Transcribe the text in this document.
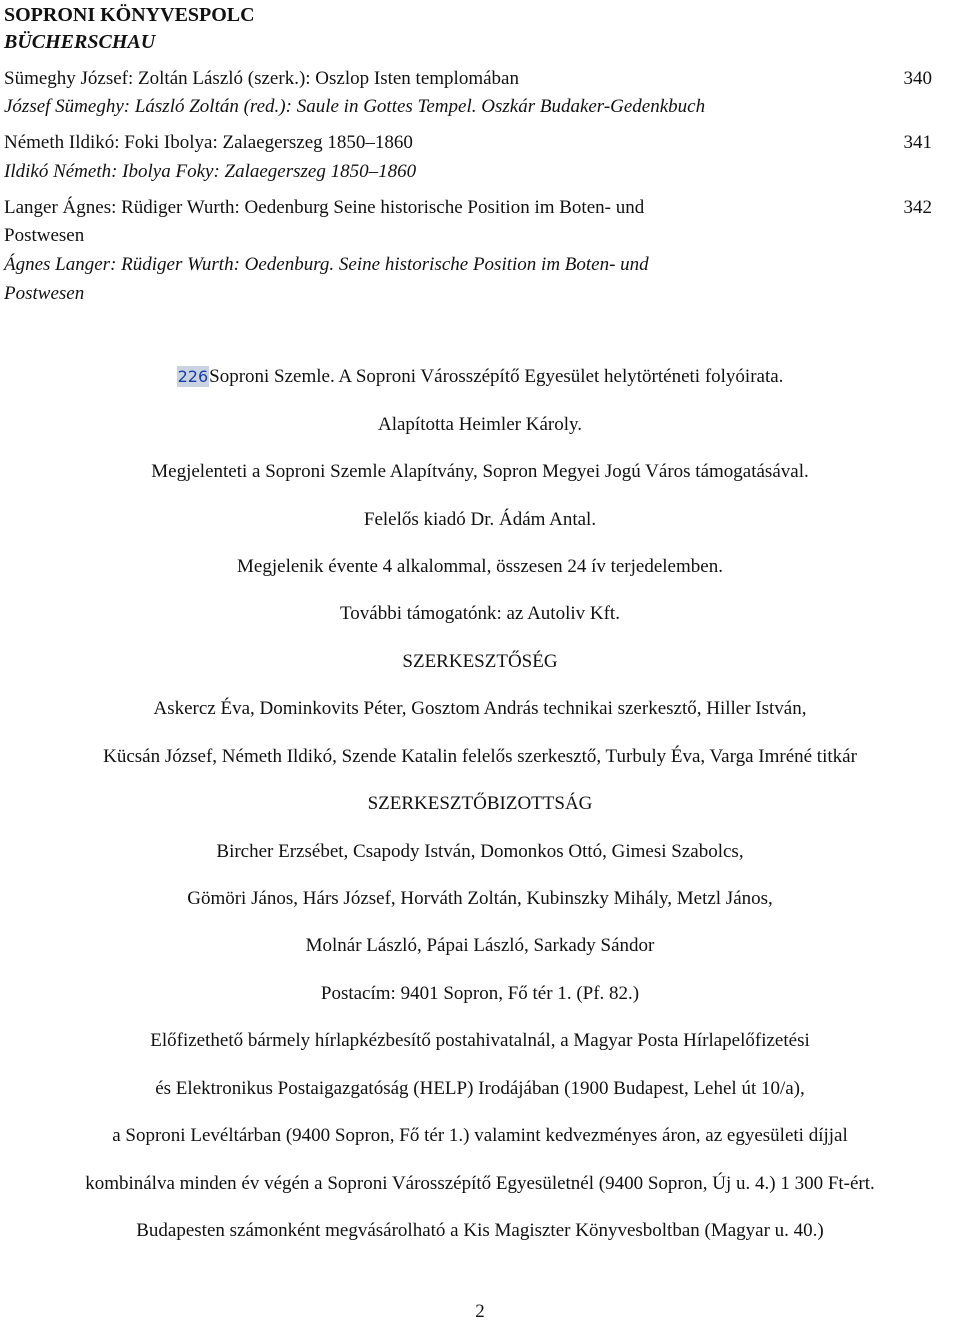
SOPRONI KÖNYVESPOLC
BÜCHERSCHAU
Sümeghy József: Zoltán László (szerk.): Oszlop Isten templomában	340
József Sümeghy: László Zoltán (red.): Saule in Gottes Tempel. Oszkár Budaker-Gedenkbuch
Németh Ildikó: Foki Ibolya: Zalaegerszeg 1850–1860	341
Ildikó Németh: Ibolya Foky: Zalaegerszeg 1850–1860
Langer Ágnes: Rüdiger Wurth: Oedenburg Seine historische Position im Boten- und	342
Postwesen
Ágnes Langer: Rüdiger Wurth: Oedenburg. Seine historische Position im Boten- und
Postwesen
226Soproni Szemle. A Soproni Városszépítő Egyesület helytörténeti folyóirata.
Alapította Heimler Károly.
Megjelenteti a Soproni Szemle Alapítvány, Sopron Megyei Jogú Város támogatásával.
Felelős kiadó Dr. Ádám Antal.
Megjelenik évente 4 alkalommal, összesen 24 ív terjedelemben.
További támogatónk: az Autoliv Kft.
SZERKESZTŐSÉG
Askercz Éva, Dominkovits Péter, Gosztom András technikai szerkesztő, Hiller István,
Kücsán József, Németh Ildikó, Szende Katalin felelős szerkesztő, Turbuly Éva, Varga Imréné titkár
SZERKESZTŐBIZOTTSÁG
Bircher Erzsébet, Csapody István, Domonkos Ottó, Gimesi Szabolcs,
Gömöri János, Hárs József, Horváth Zoltán, Kubinszky Mihály, Metzl János,
Molnár László, Pápai László, Sarkady Sándor
Postacím: 9401 Sopron, Fő tér 1. (Pf. 82.)
Előfizethető bármely hírlapkézbesítő postahivatalnál, a Magyar Posta Hírlapelőfizetési
és Elektronikus Postaigazgatóság (HELP) Irodájában (1900 Budapest, Lehel út 10/a),
a Soproni Levéltárban (9400 Sopron, Fő tér 1.) valamint kedvezményes áron, az egyesületi díjjal
kombinálva minden év végén a Soproni Városszépítő Egyesületnél (9400 Sopron, Új u. 4.) 1 300 Ft-ért.
Budapesten számonként megvásárolható a Kis Magiszter Könyvesboltban (Magyar u. 40.)
2
